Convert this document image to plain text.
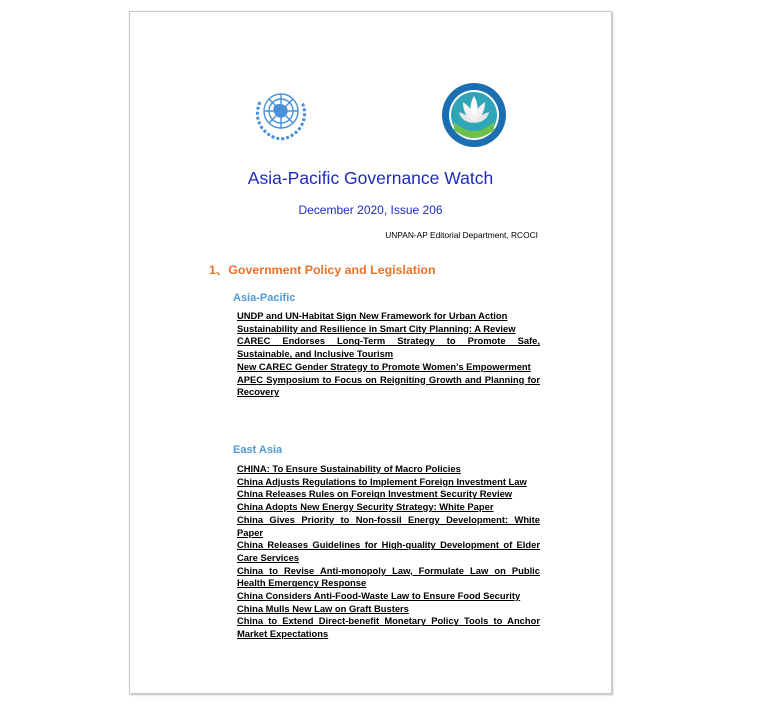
Asia-Pacific Governance Watch
December 2020, Issue 206
UNPAN-AP Editorial Department, RCOCI
1、Government Policy and Legislation
Asia-Pacific
UNDP and UN-Habitat Sign New Framework for Urban Action
Sustainability and Resilience in Smart City Planning: A Review
CAREC Endorses Long-Term Strategy to Promote Safe, Sustainable, and Inclusive Tourism
New CAREC Gender Strategy to Promote Women's Empowerment
APEC Symposium to Focus on Reigniting Growth and Planning for Recovery
East Asia
CHINA: To Ensure Sustainability of Macro Policies
China Adjusts Regulations to Implement Foreign Investment Law
China Releases Rules on Foreign Investment Security Review
China Adopts New Energy Security Strategy: White Paper
China Gives Priority to Non-fossil Energy Development: White Paper
China Releases Guidelines for High-quality Development of Elder Care Services
China to Revise Anti-monopoly Law, Formulate Law on Public Health Emergency Response
China Considers Anti-Food-Waste Law to Ensure Food Security
China Mulls New Law on Graft Busters
China to Extend Direct-benefit Monetary Policy Tools to Anchor Market Expectations
